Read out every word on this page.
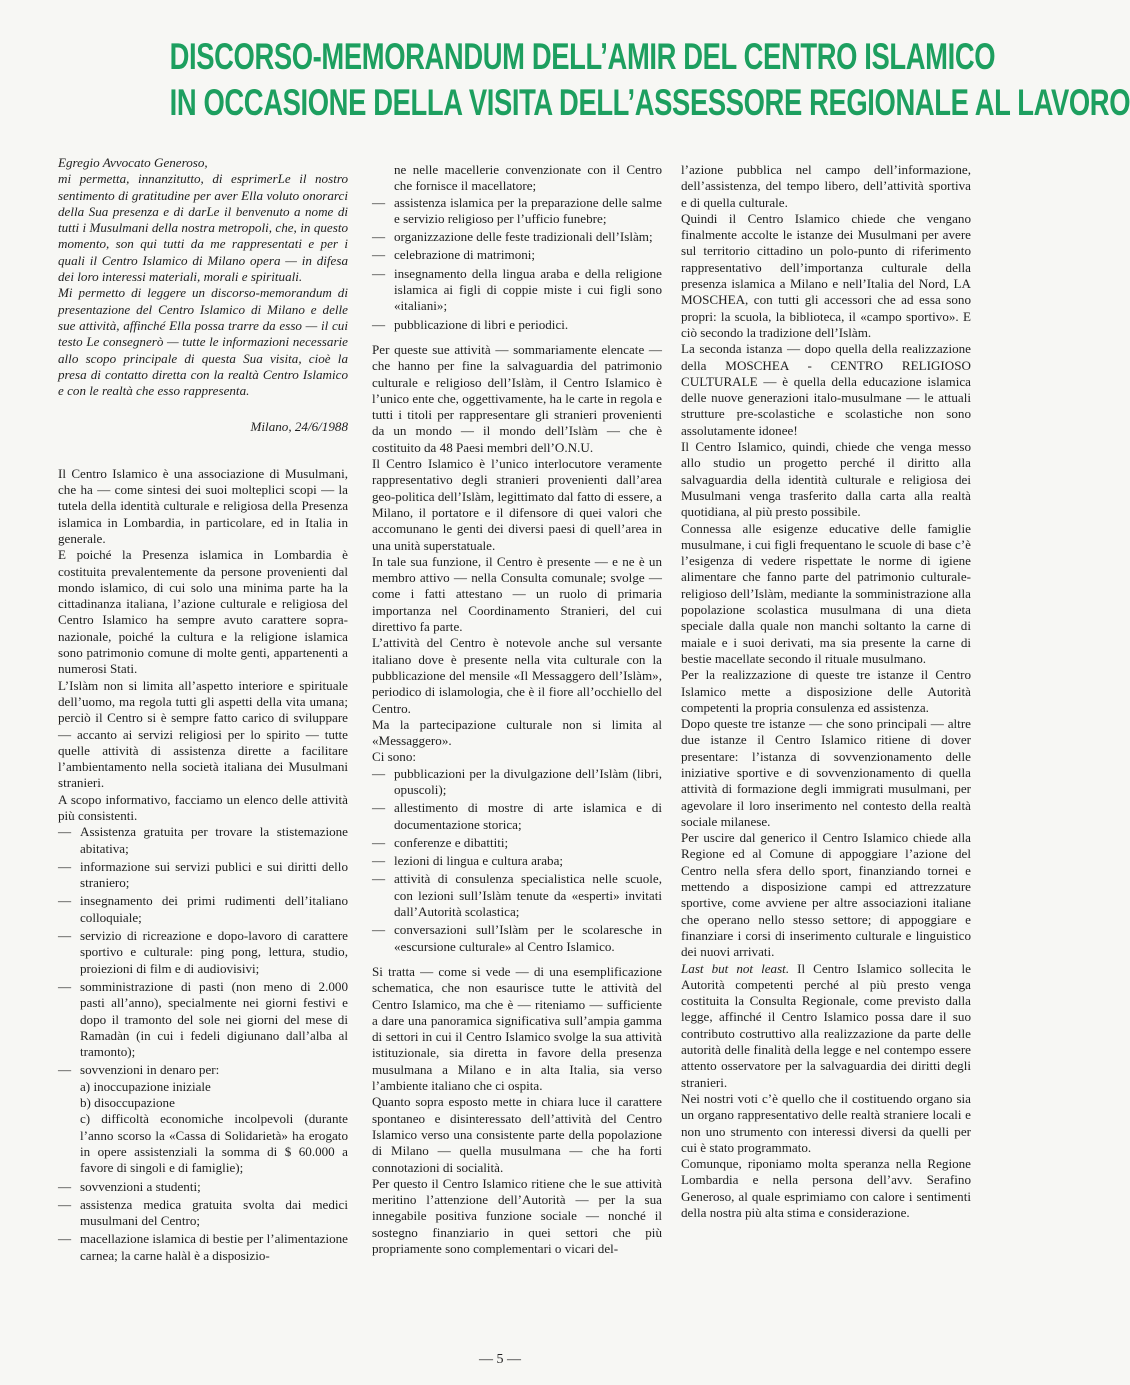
DISCORSO-MEMORANDUM DELL’AMIR DEL CENTRO ISLAMICO
IN OCCASIONE DELLA VISITA DELL’ASSESSORE REGIONALE AL LAVORO

Egregio Avvocato Generoso,

mi permetta, innanzitutto, di esprimerLe il nostro sentimento di gratitudine per aver Ella voluto onorarci della Sua presenza e di darLe il benvenuto a nome di tutti i Musulmani della nostra metropoli, che, in questo momento, son qui tutti da me rappresentati e per i quali il Centro Islamico di Milano opera — in difesa dei loro interessi materiali, morali e spirituali.

Mi permetto di leggere un discorso-memorandum di presentazione del Centro Islamico di Milano e delle sue attività, affinché Ella possa trarre da esso — il cui testo Le consegnerò — tutte le informazioni necessarie allo scopo principale di questa Sua visita, cioè la presa di contatto diretta con la realtà Centro Islamico e con le realtà che esso rappresenta.

Milano, 24/6/1988

Il Centro Islamico è una associazione di Musulmani, che ha — come sintesi dei suoi molteplici scopi — la tutela della identità culturale e religiosa della Presenza islamica in Lombardia, in particolare, ed in Italia in generale.

E poiché la Presenza islamica in Lombardia è costituita prevalentemente da persone provenienti dal mondo islamico, di cui solo una minima parte ha la cittadinanza italiana, l’azione culturale e religiosa del Centro Islamico ha sempre avuto carattere sopra-nazionale, poiché la cultura e la religione islamica sono patrimonio comune di molte genti, appartenenti a numerosi Stati.

L’Islàm non si limita all’aspetto interiore e spirituale dell’uomo, ma regola tutti gli aspetti della vita umana; perciò il Centro si è sempre fatto carico di sviluppare — accanto ai servizi religiosi per lo spirito — tutte quelle attività di assistenza dirette a facilitare l’ambientamento nella società italiana dei Musulmani stranieri.

A scopo informativo, facciamo un elenco delle attività più consistenti.

— Assistenza gratuita per trovare la stistemazione abitativa;
— informazione sui servizi publici e sui diritti dello straniero;
— insegnamento dei primi rudimenti dell’italiano colloquiale;
— servizio di ricreazione e dopo-lavoro di carattere sportivo e culturale: ping pong, lettura, studio, proiezioni di film e di audiovisivi;
— somministrazione di pasti (non meno di 2.000 pasti all’anno), specialmente nei giorni festivi e dopo il tramonto del sole nei giorni del mese di Ramadàn (in cui i fedeli digiunano dall’alba al tramonto);
— sovvenzioni in denaro per:
a) inoccupazione iniziale
b) disoccupazione
c) difficoltà economiche incolpevoli (durante l’anno scorso la «Cassa di Solidarietà» ha erogato in opere assistenziali la somma di $ 60.000 a favore di singoli e di famiglie);
— sovvenzioni a studenti;
— assistenza medica gratuita svolta dai medici musulmani del Centro;
— macellazione islamica di bestie per l’alimentazione carnea; la carne halàl è a disposizio-

ne nelle macellerie convenzionate con il Centro che fornisce il macellatore;

— assistenza islamica per la preparazione delle salme e servizio religioso per l’ufficio funebre;
— organizzazione delle feste tradizionali dell’Islàm;
— celebrazione di matrimoni;
— insegnamento della lingua araba e della religione islamica ai figli di coppie miste i cui figli sono «italiani»;
— pubblicazione di libri e periodici.

Per queste sue attività — sommariamente elencate — che hanno per fine la salvaguardia del patrimonio culturale e religioso dell’Islàm, il Centro Islamico è l’unico ente che, oggettivamente, ha le carte in regola e tutti i titoli per rappresentare gli stranieri provenienti da un mondo — il mondo dell’Islàm — che è costituito da 48 Paesi membri dell’O.N.U.

Il Centro Islamico è l’unico interlocutore veramente rappresentativo degli stranieri provenienti dall’area geo-politica dell’Islàm, legittimato dal fatto di essere, a Milano, il portatore e il difensore di quei valori che accomunano le genti dei diversi paesi di quell’area in una unità superstatuale.

In tale sua funzione, il Centro è presente — e ne è un membro attivo — nella Consulta comunale; svolge — come i fatti attestano — un ruolo di primaria importanza nel Coordinamento Stranieri, del cui direttivo fa parte.

L’attività del Centro è notevole anche sul versante italiano dove è presente nella vita culturale con la pubblicazione del mensile «Il Messaggero dell’Islàm», periodico di islamologia, che è il fiore all’occhiello del Centro.

Ma la partecipazione culturale non si limita al «Messaggero».

Ci sono:

— pubblicazioni per la divulgazione dell’Islàm (libri, opuscoli);
— allestimento di mostre di arte islamica e di documentazione storica;
— conferenze e dibattiti;
— lezioni di lingua e cultura araba;
— attività di consulenza specialistica nelle scuole, con lezioni sull’Islàm tenute da «esperti» invitati dall’Autorità scolastica;
— conversazioni sull’Islàm per le scolaresche in «escursione culturale» al Centro Islamico.

Si tratta — come si vede — di una esemplificazione schematica, che non esaurisce tutte le attività del Centro Islamico, ma che è — riteniamo — sufficiente a dare una panoramica significativa sull’ampia gamma di settori in cui il Centro Islamico svolge la sua attività istituzionale, sia diretta in favore della presenza musulmana a Milano e in alta Italia, sia verso l’ambiente italiano che ci ospita.

Quanto sopra esposto mette in chiara luce il carattere spontaneo e disinteressato dell’attività del Centro Islamico verso una consistente parte della popolazione di Milano — quella musulmana — che ha forti connotazioni di socialità.

Per questo il Centro Islamico ritiene che le sue attività meritino l’attenzione dell’Autorità — per la sua innegabile positiva funzione sociale — nonché il sostegno finanziario in quei settori che più propriamente sono complementari o vicari del-

l’azione pubblica nel campo dell’informazione, dell’assistenza, del tempo libero, dell’attività sportiva e di quella culturale.

Quindi il Centro Islamico chiede che vengano finalmente accolte le istanze dei Musulmani per avere sul territorio cittadino un polo-punto di riferimento rappresentativo dell’importanza culturale della presenza islamica a Milano e nell’Italia del Nord, LA MOSCHEA, con tutti gli accessori che ad essa sono propri: la scuola, la biblioteca, il «campo sportivo». E ciò secondo la tradizione dell’Islàm.

La seconda istanza — dopo quella della realizzazione della MOSCHEA - CENTRO RELIGIOSO CULTURALE — è quella della educazione islamica delle nuove generazioni italo-musulmane — le attuali strutture pre-scolastiche e scolastiche non sono assolutamente idonee!

Il Centro Islamico, quindi, chiede che venga messo allo studio un progetto perché il diritto alla salvaguardia della identità culturale e religiosa dei Musulmani venga trasferito dalla carta alla realtà quotidiana, al più presto possibile.

Connessa alle esigenze educative delle famiglie musulmane, i cui figli frequentano le scuole di base c’è l’esigenza di vedere rispettate le norme di igiene alimentare che fanno parte del patrimonio culturale-religioso dell’Islàm, mediante la somministrazione alla popolazione scolastica musulmana di una dieta speciale dalla quale non manchi soltanto la carne di maiale e i suoi derivati, ma sia presente la carne di bestie macellate secondo il rituale musulmano.

Per la realizzazione di queste tre istanze il Centro Islamico mette a disposizione delle Autorità competenti la propria consulenza ed assistenza.

Dopo queste tre istanze — che sono principali — altre due istanze il Centro Islamico ritiene di dover presentare: l’istanza di sovvenzionamento delle iniziative sportive e di sovvenzionamento di quella attività di formazione degli immigrati musulmani, per agevolare il loro inserimento nel contesto della realtà sociale milanese.

Per uscire dal generico il Centro Islamico chiede alla Regione ed al Comune di appoggiare l’azione del Centro nella sfera dello sport, finanziando tornei e mettendo a disposizione campi ed attrezzature sportive, come avviene per altre associazioni italiane che operano nello stesso settore; di appoggiare e finanziare i corsi di inserimento culturale e linguistico dei nuovi arrivati.

Last but not least. Il Centro Islamico sollecita le Autorità competenti perché al più presto venga costituita la Consulta Regionale, come previsto dalla legge, affinché il Centro Islamico possa dare il suo contributo costruttivo alla realizzazione da parte delle autorità delle finalità della legge e nel contempo essere attento osservatore per la salvaguardia dei diritti degli stranieri.

Nei nostri voti c’è quello che il costituendo organo sia un organo rappresentativo delle realtà straniere locali e non uno strumento con interessi diversi da quelli per cui è stato programmato.

Comunque, riponiamo molta speranza nella Regione Lombardia e nella persona dell’avv. Serafino Generoso, al quale esprimiamo con calore i sentimenti della nostra più alta stima e considerazione.

— 5 —
